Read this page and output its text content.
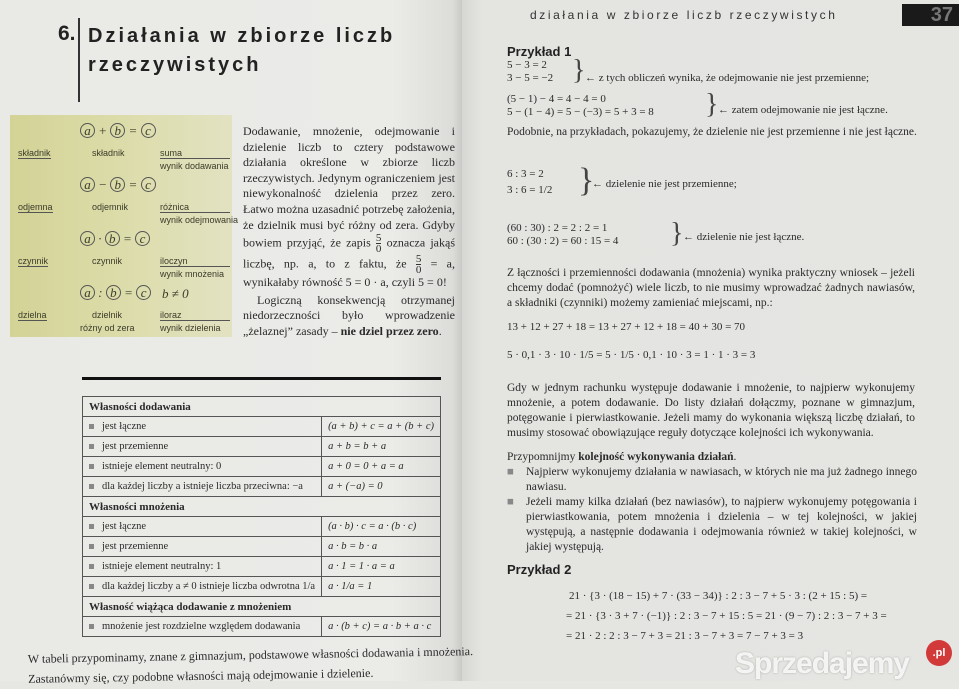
6. Działania w zbiorze liczb
rzeczywistych
a + b = c
składnik	składnik	suma
wynik dodawania
a − b = c
odjemna	odjemnik	różnica
wynik odejmowania
a · b = c
czynnik	czynnik	iloczyn
wynik mnożenia
a : b = c
dzielna	dzielnik	iloraz
wynik dzielenia
różny od zera
b ≠ 0
Dodawanie, mnożenie, odejmowanie i dzielenie liczb to cztery podstawowe działania określone w zbiorze liczb rzeczywistych. Jedynym ograniczeniem jest niewykonalność dzielenia przez zero. Łatwo można uzasadnić potrzebę założenia, że dzielnik musi być różny od zera. Gdyby bowiem przyjąć, że zapis $\frac{5}{0}$ oznacza jakąś liczbę, np. a, to z faktu, że $\frac{5}{0} = a$, wynikałaby równość 5 = 0 · a, czyli 5 = 0!
Logiczną konsekwencją otrzymanej niedorzeczności było wprowadzenie „żelaznej” zasady – nie dziel przez zero.
Własności dodawania	
jest łączne	(a + b) + c = a + (b + c)
jest przemienne	a + b = b + a
istnieje element neutralny: 0	a + 0 = 0 + a = a
dla każdej liczby a istnieje liczba przeciwna: −a	a + (−a) = 0
Własności mnożenia	
jest łączne	(a · b) · c = a · (b · c)
jest przemienne	a · b = b · a
istnieje element neutralny: 1	a · 1 = 1 · a = a
dla każdej liczby a ≠ 0 istnieje liczba odwrotna 1/a	a · 1/a = 1
Własność wiążąca dodawanie z mnożeniem	
mnożenie jest rozdzielne względem dodawania	a · (b + c) = a · b + a · c
W tabeli przypominamy, znane z gimnazjum, podstawowe własności dodawania i mnożenia.
Zastanówmy się, czy podobne własności mają odejmowanie i dzielenie.
działania w zbiorze liczb rzeczywistych	37
Przykład 1
5 − 3 = 2
3 − 5 = −2 } ← z tych obliczeń wynika, że odejmowanie nie jest przemienne;
(5 − 1) − 4 = 4 − 4 = 0
5 − (1 − 4) = 5 − (−3) = 5 + 3 = 8 } ← zatem odejmowanie nie jest łączne.
Podobnie, na przykładach, pokazujemy, że dzielenie nie jest przemienne i nie jest łączne.
6 : 3 = 2
3 : 6 = 1/2 }
← dzielenie nie jest przemienne;
(60 : 30) : 2 = 2 : 2 = 1
60 : (30 : 2) = 60 : 15 = 4 } ← dzielenie nie jest łączne.
Z łączności i przemienności dodawania (mnożenia) wynika praktyczny wniosek – jeżeli chcemy dodać (pomnożyć) wiele liczb, to nie musimy wprowadzać żadnych nawiasów, a składniki (czynniki) możemy zamieniać miejscami, np.:
13 + 12 + 27 + 18 = 13 + 27 + 12 + 18 = 40 + 30 = 70
5 · 0,1 · 3 · 10 · 1/5 = 5 · 1/5 · 0,1 · 10 · 3 = 1 · 1 · 3 = 3
Gdy w jednym rachunku występuje dodawanie i mnożenie, to najpierw wykonujemy mnożenie, a potem dodawanie. Do listy działań dołączmy, poznane w gimnazjum, potęgowanie i pierwiastkowanie. Jeżeli mamy do wykonania większą liczbę działań, to musimy stosować obowiązujące reguły dotyczące kolejności ich wykonywania.
Przypomnijmy kolejność wykonywania działań.
■	Najpierw wykonujemy działania w nawiasach, w których nie ma już żadnego innego nawiasu.
■	Jeżeli mamy kilka działań (bez nawiasów), to najpierw wykonujemy potęgowania i pierwiastkowania, potem mnożenia i dzielenia – w tej kolejności, w jakiej występują, a następnie dodawania i odejmowania również w takiej kolejności, w jakiej występują.
Przykład 2
21 · {3 · (18 − 15) + 7 · (33 − 34)} : 2 : 3 − 7 + 5 · 3 : (2 + 15 : 5) =
= 21 · {3 · 3 + 7 · (−1)} : 2 : 3 − 7 + 15 : 5 = 21 · (9 − 7) : 2 : 3 − 7 + 3 =
= 21 · 2 : 2 : 3 − 7 + 3 = 21 : 3 − 7 + 3 = 7 − 7 + 3 = 3
Sprzedajemy	.pl
